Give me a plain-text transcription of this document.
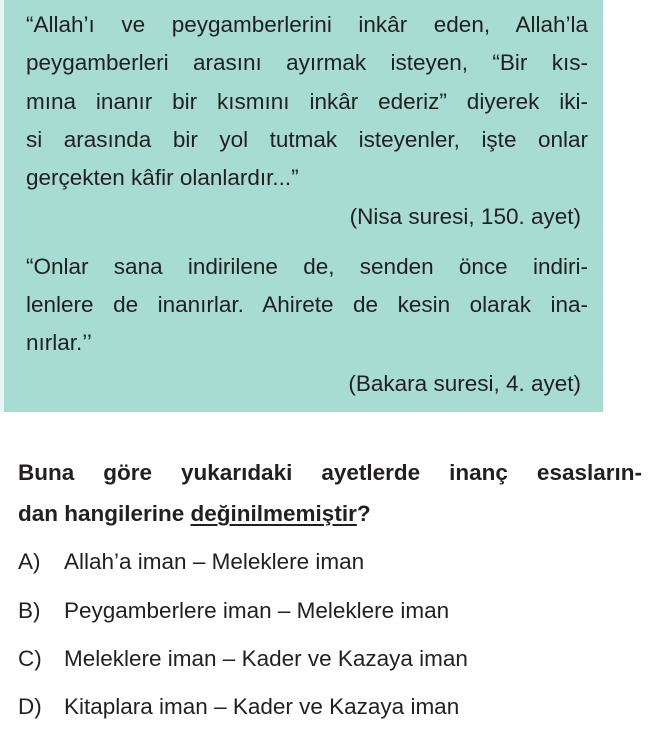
“Allah’ı ve peygamberlerini inkâr eden, Allah’la
peygamberleri arasını ayırmak isteyen, “Bir kıs-
mına inanır bir kısmını inkâr ederiz” diyerek iki-
si arasında bir yol tutmak isteyenler, işte onlar
gerçekten kâfir olanlardır...”
(Nisa suresi, 150. ayet)
“Onlar sana indirilene de, senden önce indiri-
lenlere de inanırlar. Ahirete de kesin olarak ina-
nırlar.’’
(Bakara suresi, 4. ayet)
Buna göre yukarıdaki ayetlerde inanç esasların-
dan hangilerine değinilmemiştir?
A) Allah’a iman – Meleklere iman
B) Peygamberlere iman – Meleklere iman
C) Meleklere iman – Kader ve Kazaya iman
D) Kitaplara iman – Kader ve Kazaya iman
